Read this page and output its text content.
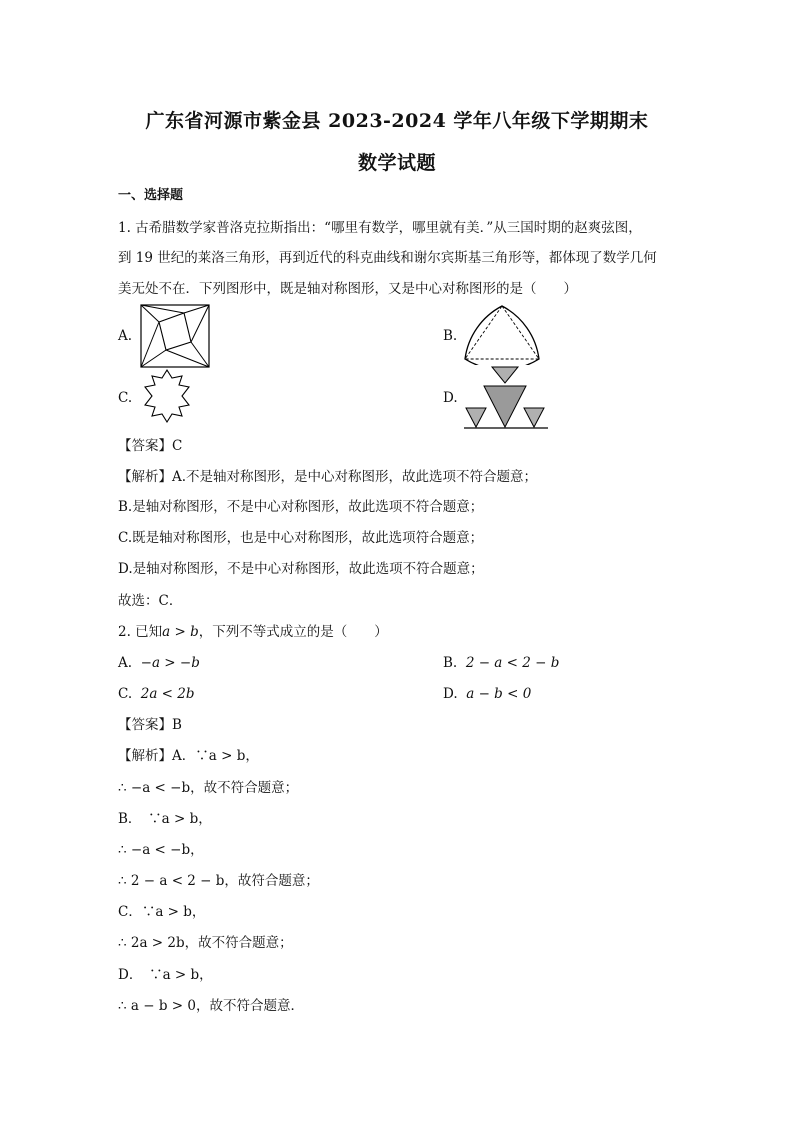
广东省河源市紫金县 2023-2024 学年八年级下学期期末
数学试题
一、选择题
1. 古希腊数学家普洛克拉斯指出：“哪里有数学，哪里就有美．”从三国时期的赵爽弦图，
到 19 世纪的莱洛三角形，再到近代的科克曲线和谢尔宾斯基三角形等，都体现了数学几何
美无处不在．下列图形中，既是轴对称图形，又是中心对称图形的是（　　）
A.	B.
C.	D.
【答案】C
【解析】A.不是轴对称图形，是中心对称图形，故此选项不符合题意；
B.是轴对称图形，不是中心对称图形，故此选项不符合题意；
C.既是轴对称图形，也是中心对称图形，故此选项符合题意；
D.是轴对称图形，不是中心对称图形，故此选项不符合题意；
故选：C．
2. 已知a > b，下列不等式成立的是（　　）
A. −a > −b	B. 2 − a < 2 − b
C. 2a < 2b	D. a − b < 0
【答案】B
【解析】A．∵a > b，
∴ −a < −b，故不符合题意；
B．　∵a > b，
∴ −a < −b，
∴ 2 − a < 2 − b，故符合题意；
C．∵a > b，
∴ 2a > 2b，故不符合题意；
D．　∵a > b，
∴ a − b > 0，故不符合题意．
